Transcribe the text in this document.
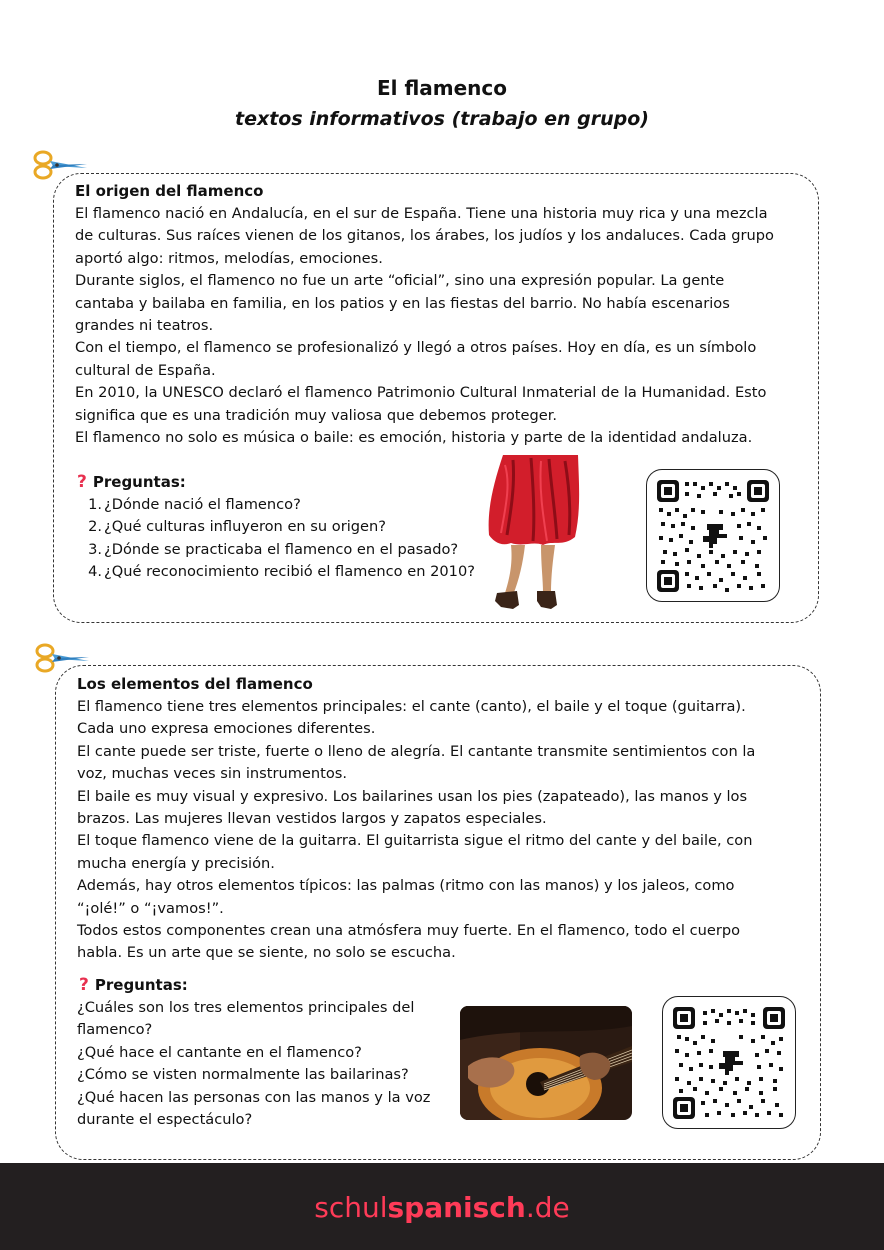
El flamenco
textos informativos (trabajo en grupo)
El origen del flamenco
El flamenco nació en Andalucía, en el sur de España. Tiene una historia muy rica y una mezcla
de culturas. Sus raíces vienen de los gitanos, los árabes, los judíos y los andaluces. Cada grupo
aportó algo: ritmos, melodías, emociones.
Durante siglos, el flamenco no fue un arte “oficial”, sino una expresión popular. La gente
cantaba y bailaba en familia, en los patios y en las fiestas del barrio. No había escenarios
grandes ni teatros.
Con el tiempo, el flamenco se profesionalizó y llegó a otros países. Hoy en día, es un símbolo
cultural de España.
En 2010, la UNESCO declaró el flamenco Patrimonio Cultural Inmaterial de la Humanidad. Esto
significa que es una tradición muy valiosa que debemos proteger.
El flamenco no solo es música o baile: es emoción, historia y parte de la identidad andaluza.
? Preguntas:
1. ¿Dónde nació el flamenco?
2. ¿Qué culturas influyeron en su origen?
3. ¿Dónde se practicaba el flamenco en el pasado?
4. ¿Qué reconocimiento recibió el flamenco en 2010?
Los elementos del flamenco
El flamenco tiene tres elementos principales: el cante (canto), el baile y el toque (guitarra).
Cada uno expresa emociones diferentes.
El cante puede ser triste, fuerte o lleno de alegría. El cantante transmite sentimientos con la
voz, muchas veces sin instrumentos.
El baile es muy visual y expresivo. Los bailarines usan los pies (zapateado), las manos y los
brazos. Las mujeres llevan vestidos largos y zapatos especiales.
El toque flamenco viene de la guitarra. El guitarrista sigue el ritmo del cante y del baile, con
mucha energía y precisión.
Además, hay otros elementos típicos: las palmas (ritmo con las manos) y los jaleos, como
“¡olé!” o “¡vamos!”.
Todos estos componentes crean una atmósfera muy fuerte. En el flamenco, todo el cuerpo
habla. Es un arte que se siente, no solo se escucha.
? Preguntas:
¿Cuáles son los tres elementos principales del
flamenco?
¿Qué hace el cantante en el flamenco?
¿Cómo se visten normalmente las bailarinas?
¿Qué hacen las personas con las manos y la voz
durante el espectáculo?
schulspanisch.de
